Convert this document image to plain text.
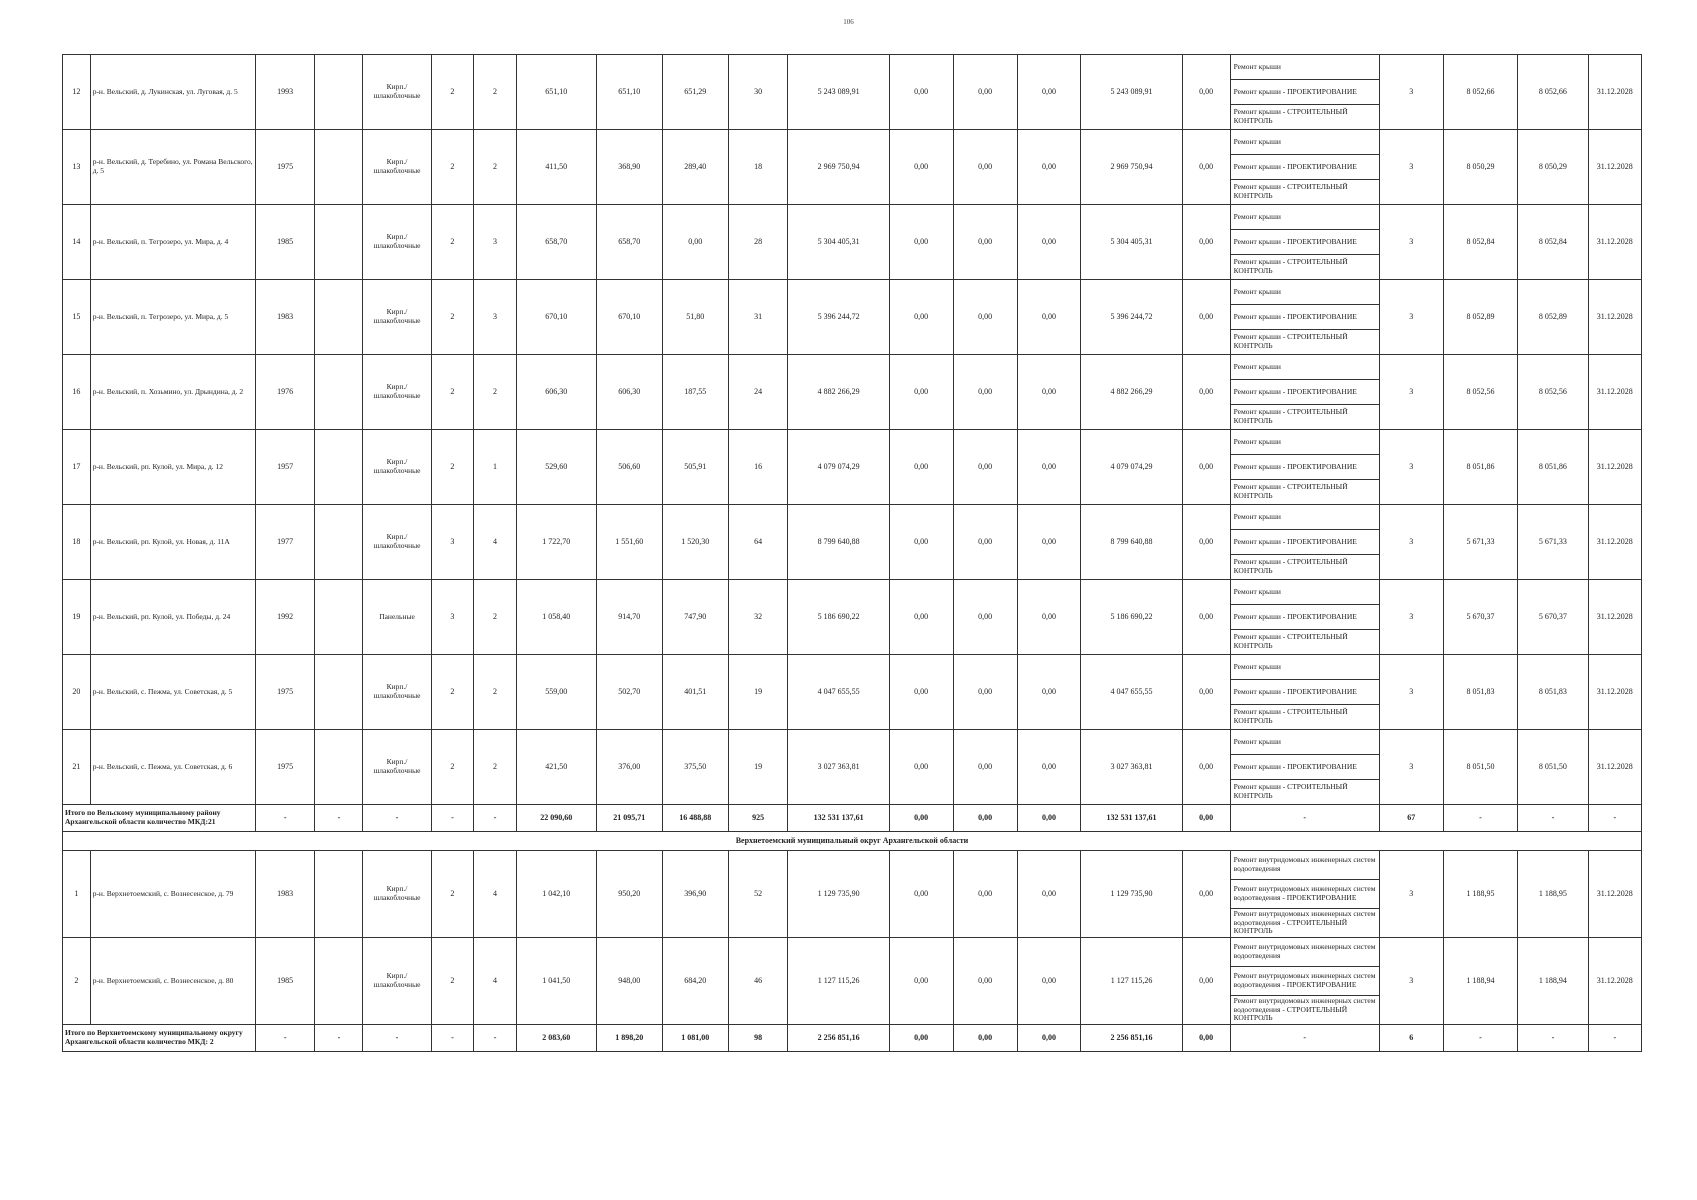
106
12	р-н. Вельский, д. Лукинская, ул. Луговая, д. 5	1993		Кирп./ шлакоблочные	2	2	651,10	651,10	651,29	30	5 243 089,91	0,00	0,00	0,00	5 243 089,91	0,00	Ремонт крыши	3	8 052,66	8 052,66	31.12.2028
																	Ремонт крыши - ПРОЕКТИРОВАНИЕ				
																	Ремонт крыши - СТРОИТЕЛЬНЫЙ КОНТРОЛЬ				
13	р-н. Вельский, д. Теребино, ул. Романа Вельского, д. 5	1975		Кирп./ шлакоблочные	2	2	411,50	368,90	289,40	18	2 969 750,94	0,00	0,00	0,00	2 969 750,94	0,00	Ремонт крыши	3	8 050,29	8 050,29	31.12.2028
																	Ремонт крыши - ПРОЕКТИРОВАНИЕ				
																	Ремонт крыши - СТРОИТЕЛЬНЫЙ КОНТРОЛЬ				
14	р-н. Вельский, п. Тегрозеро, ул. Мира, д. 4	1985		Кирп./ шлакоблочные	2	3	658,70	658,70	0,00	28	5 304 405,31	0,00	0,00	0,00	5 304 405,31	0,00	Ремонт крыши	3	8 052,84	8 052,84	31.12.2028
																	Ремонт крыши - ПРОЕКТИРОВАНИЕ				
																	Ремонт крыши - СТРОИТЕЛЬНЫЙ КОНТРОЛЬ				
15	р-н. Вельский, п. Тегрозеро, ул. Мира, д. 5	1983		Кирп./ шлакоблочные	2	3	670,10	670,10	51,80	31	5 396 244,72	0,00	0,00	0,00	5 396 244,72	0,00	Ремонт крыши	3	8 052,89	8 052,89	31.12.2028
																	Ремонт крыши - ПРОЕКТИРОВАНИЕ				
																	Ремонт крыши - СТРОИТЕЛЬНЫЙ КОНТРОЛЬ				
16	р-н. Вельский, п. Хозьмино, ул. Дрындина, д. 2	1976		Кирп./ шлакоблочные	2	2	606,30	606,30	187,55	24	4 882 266,29	0,00	0,00	0,00	4 882 266,29	0,00	Ремонт крыши	3	8 052,56	8 052,56	31.12.2028
																	Ремонт крыши - ПРОЕКТИРОВАНИЕ				
																	Ремонт крыши - СТРОИТЕЛЬНЫЙ КОНТРОЛЬ				
17	р-н. Вельский, рп. Кулой, ул. Мира, д. 12	1957		Кирп./ шлакоблочные	2	1	529,60	506,60	505,91	16	4 079 074,29	0,00	0,00	0,00	4 079 074,29	0,00	Ремонт крыши	3	8 051,86	8 051,86	31.12.2028
																	Ремонт крыши - ПРОЕКТИРОВАНИЕ				
																	Ремонт крыши - СТРОИТЕЛЬНЫЙ КОНТРОЛЬ				
18	р-н. Вельский, рп. Кулой, ул. Новая, д. 11А	1977		Кирп./ шлакоблочные	3	4	1 722,70	1 551,60	1 520,30	64	8 799 640,88	0,00	0,00	0,00	8 799 640,88	0,00	Ремонт крыши	3	5 671,33	5 671,33	31.12.2028
																	Ремонт крыши - ПРОЕКТИРОВАНИЕ				
																	Ремонт крыши - СТРОИТЕЛЬНЫЙ КОНТРОЛЬ				
19	р-н. Вельский, рп. Кулой, ул. Победы, д. 24	1992		Панельные	3	2	1 058,40	914,70	747,90	32	5 186 690,22	0,00	0,00	0,00	5 186 690,22	0,00	Ремонт крыши	3	5 670,37	5 670,37	31.12.2028
																	Ремонт крыши - ПРОЕКТИРОВАНИЕ				
																	Ремонт крыши - СТРОИТЕЛЬНЫЙ КОНТРОЛЬ				
20	р-н. Вельский, с. Пежма, ул. Советская, д. 5	1975		Кирп./ шлакоблочные	2	2	559,00	502,70	401,51	19	4 047 655,55	0,00	0,00	0,00	4 047 655,55	0,00	Ремонт крыши	3	8 051,83	8 051,83	31.12.2028
																	Ремонт крыши - ПРОЕКТИРОВАНИЕ				
																	Ремонт крыши - СТРОИТЕЛЬНЫЙ КОНТРОЛЬ				
21	р-н. Вельский, с. Пежма, ул. Советская, д. 6	1975		Кирп./ шлакоблочные	2	2	421,50	376,00	375,50	19	3 027 363,81	0,00	0,00	0,00	3 027 363,81	0,00	Ремонт крыши	3	8 051,50	8 051,50	31.12.2028
																	Ремонт крыши - ПРОЕКТИРОВАНИЕ				
																	Ремонт крыши - СТРОИТЕЛЬНЫЙ КОНТРОЛЬ				
Итого по Вельскому муниципальному району Архангельской области количество МКД:21		-	-	-	-	-	22 090,60	21 095,71	16 488,88	925	132 531 137,61	0,00	0,00	0,00	132 531 137,61	0,00	-	67	-	-	-
Верхнетоемский муниципальный округ Архангельской области																					
1	р-н. Верхнетоемский, с. Вознесенское, д. 79	1983		Кирп./ шлакоблочные	2	4	1 042,10	950,20	396,90	52	1 129 735,90	0,00	0,00	0,00	1 129 735,90	0,00	Ремонт внутридомовых инженерных систем водоотведения	3	1 188,95	1 188,95	31.12.2028
																	Ремонт внутридомовых инженерных систем водоотведения - ПРОЕКТИРОВАНИЕ				
																	Ремонт внутридомовых инженерных систем водоотведения - СТРОИТЕЛЬНЫЙ КОНТРОЛЬ				
2	р-н. Верхнетоемский, с. Вознесенское, д. 80	1985		Кирп./ шлакоблочные	2	4	1 041,50	948,00	684,20	46	1 127 115,26	0,00	0,00	0,00	1 127 115,26	0,00	Ремонт внутридомовых инженерных систем водоотведения	3	1 188,94	1 188,94	31.12.2028
																	Ремонт внутридомовых инженерных систем водоотведения - ПРОЕКТИРОВАНИЕ				
																	Ремонт внутридомовых инженерных систем водоотведения - СТРОИТЕЛЬНЫЙ КОНТРОЛЬ				
Итого по Верхнетоемскому муниципальному округу Архангельской области количество МКД: 2		-	-	-	-	-	2 083,60	1 898,20	1 081,00	98	2 256 851,16	0,00	0,00	0,00	2 256 851,16	0,00	-	6	-	-	-
